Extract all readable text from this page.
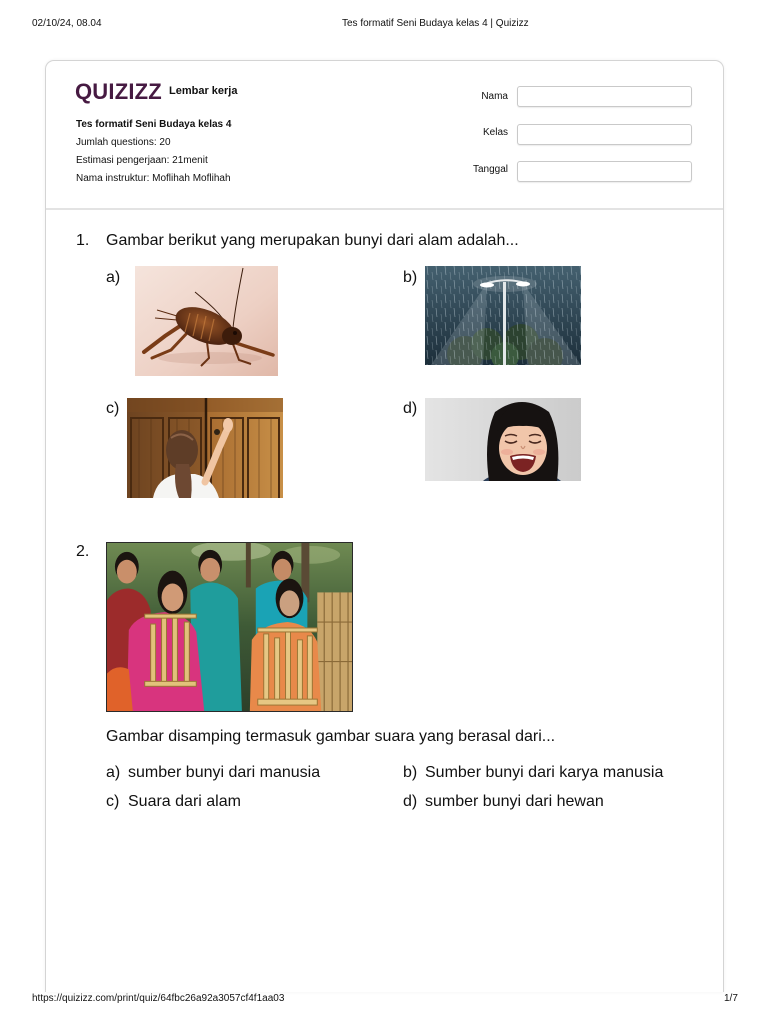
02/10/24, 08.04	Tes formatif Seni Budaya kelas 4 | Quizizz
QUIZIZZ Lembar kerja
Tes formatif Seni Budaya kelas 4
Jumlah questions: 20
Estimasi pengerjaan: 21menit
Nama instruktur: Moflihah Moflihah
Nama
Kelas
Tanggal
1. Gambar berikut yang merupakan bunyi dari alam adalah...
a)	b)
c)	d)
2.
Gambar disamping termasuk gambar suara yang berasal dari...
a) sumber bunyi dari manusia	b) Sumber bunyi dari karya manusia
c) Suara dari alam	d) sumber bunyi dari hewan
https://quizizz.com/print/quiz/64fbc26a92a3057cf4f1aa03	1/7
